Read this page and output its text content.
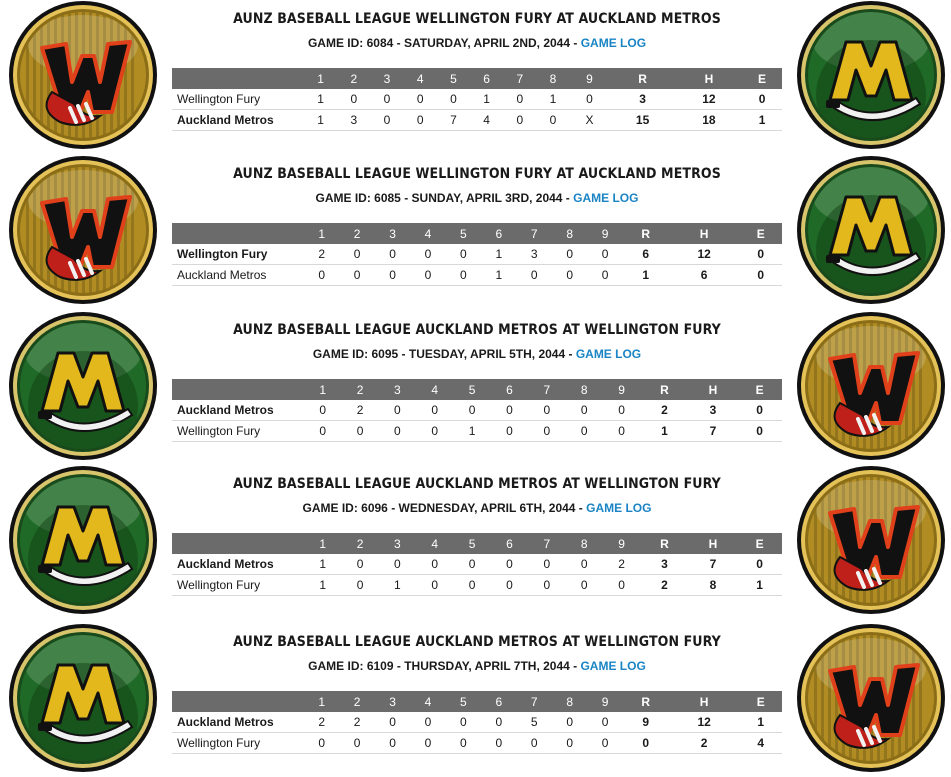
AUNZ BASEBALL LEAGUE WELLINGTON FURY AT AUCKLAND METROS
GAME ID: 6084 - SATURDAY, APRIL 2ND, 2044 - GAME LOG
	1	2	3	4	5	6	7	8	9	R	H	E
Wellington Fury	1	0	0	0	0	1	0	1	0	3	12	0
Auckland Metros	1	3	0	0	7	4	0	0	X	15	18	1
AUNZ BASEBALL LEAGUE WELLINGTON FURY AT AUCKLAND METROS
GAME ID: 6085 - SUNDAY, APRIL 3RD, 2044 - GAME LOG
	1	2	3	4	5	6	7	8	9	R	H	E
Wellington Fury	2	0	0	0	0	1	3	0	0	6	12	0
Auckland Metros	0	0	0	0	0	1	0	0	0	1	6	0
AUNZ BASEBALL LEAGUE AUCKLAND METROS AT WELLINGTON FURY
GAME ID: 6095 - TUESDAY, APRIL 5TH, 2044 - GAME LOG
	1	2	3	4	5	6	7	8	9	R	H	E
Auckland Metros	0	2	0	0	0	0	0	0	0	2	3	0
Wellington Fury	0	0	0	0	1	0	0	0	0	1	7	0
AUNZ BASEBALL LEAGUE AUCKLAND METROS AT WELLINGTON FURY
GAME ID: 6096 - WEDNESDAY, APRIL 6TH, 2044 - GAME LOG
	1	2	3	4	5	6	7	8	9	R	H	E
Auckland Metros	1	0	0	0	0	0	0	0	2	3	7	0
Wellington Fury	1	0	1	0	0	0	0	0	0	2	8	1
AUNZ BASEBALL LEAGUE AUCKLAND METROS AT WELLINGTON FURY
GAME ID: 6109 - THURSDAY, APRIL 7TH, 2044 - GAME LOG
	1	2	3	4	5	6	7	8	9	R	H	E
Auckland Metros	2	2	0	0	0	0	5	0	0	9	12	1
Wellington Fury	0	0	0	0	0	0	0	0	0	0	2	4
